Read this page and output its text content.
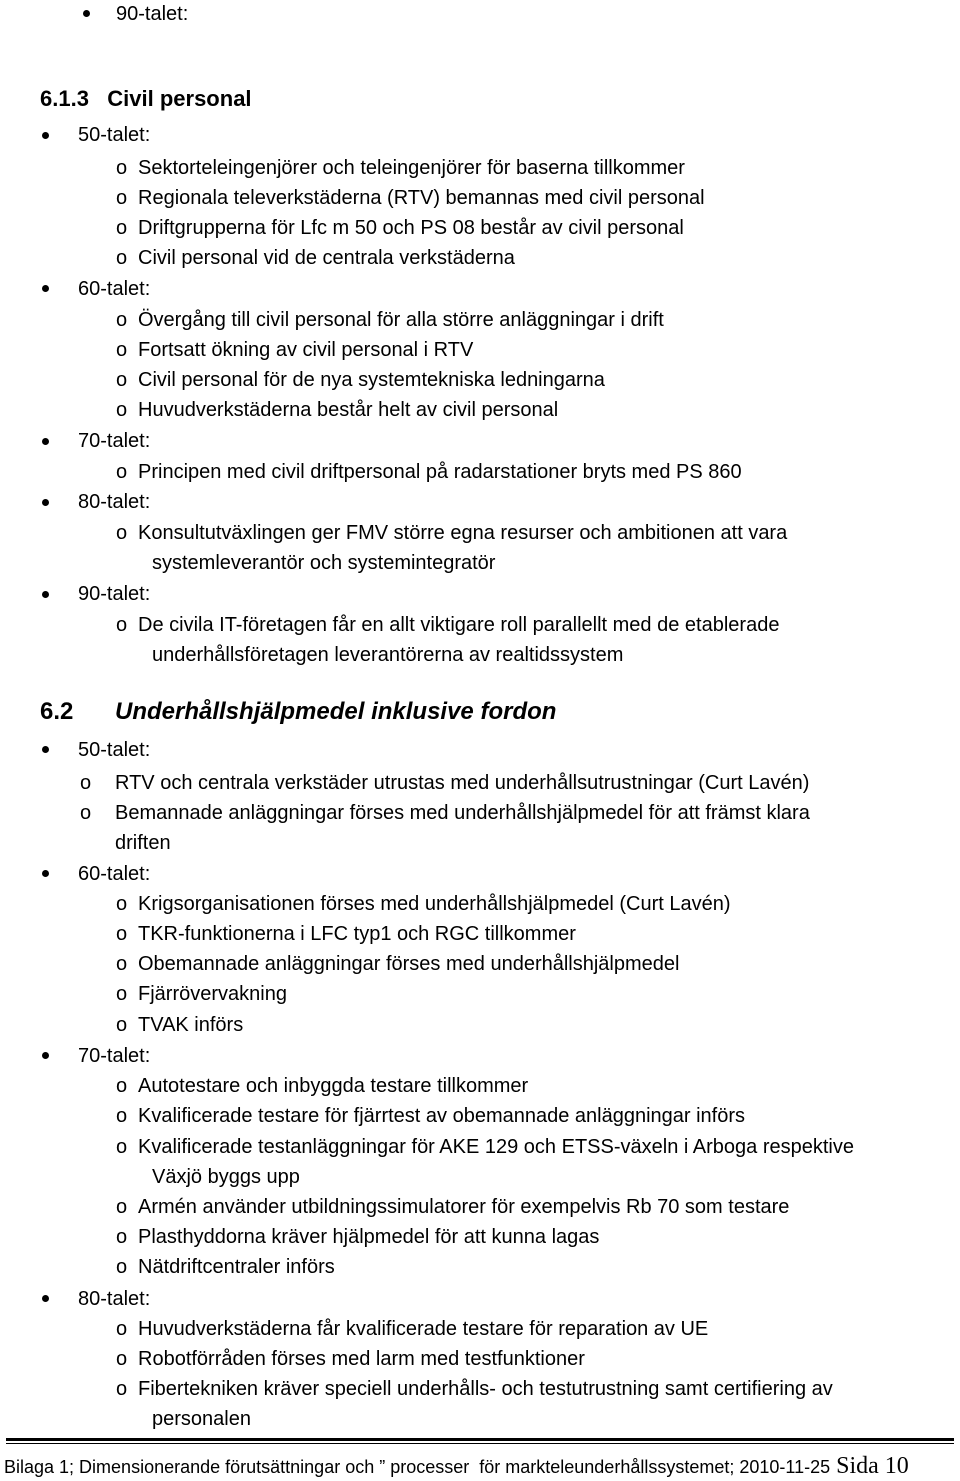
90-talet:
6.1.3   Civil personal
50-talet:
o Sektorteleingenjörer och teleingenjörer för baserna tillkommer
o Regionala televerkstäderna (RTV) bemannas med civil personal
o Driftgrupperna för Lfc m 50 och PS 08 består av civil personal
o Civil personal vid de centrala verkstäderna
60-talet:
o Övergång till civil personal för alla större anläggningar i drift
o Fortsatt ökning av civil personal i RTV
o Civil personal för de nya systemtekniska ledningarna
o Huvudverkstäderna består helt av civil personal
70-talet:
o Principen med civil driftpersonal på radarstationer bryts med PS 860
80-talet:
o Konsultutväxlingen ger FMV större egna resurser och ambitionen att vara
systemleverantör och systemintegratör
90-talet:
o De civila IT-företagen får en allt viktigare roll parallellt med de etablerade
underhållsföretagen leverantörerna av realtidssystem
6.2 Underhållshjälpmedel inklusive fordon
50-talet:
o RTV och centrala verkstäder utrustas med underhållsutrustningar (Curt Lavén)
o Bemannade anläggningar förses med underhållshjälpmedel för att främst klara
driften
60-talet:
o Krigsorganisationen förses med underhållshjälpmedel (Curt Lavén)
o TKR-funktionerna i LFC typ1 och RGC tillkommer
o Obemannade anläggningar förses med underhållshjälpmedel
o Fjärrövervakning
o TVAK införs
70-talet:
o Autotestare och inbyggda testare tillkommer
o Kvalificerade testare för fjärrtest av obemannade anläggningar införs
o Kvalificerade testanläggningar för AKE 129 och ETSS-växeln i Arboga respektive
Växjö byggs upp
o Armén använder utbildningssimulatorer för exempelvis Rb 70 som testare
o Plasthyddorna kräver hjälpmedel för att kunna lagas
o Nätdriftcentraler införs
80-talet:
o Huvudverkstäderna får kvalificerade testare för reparation av UE
o Robotförråden förses med larm med testfunktioner
o Fibertekniken kräver speciell underhålls- och testutrustning samt certifiering av
personalen
Bilaga 1; Dimensionerande förutsättningar och ” processer  för markteleunderhållssystemet; 2010-11-25 Sida 10
